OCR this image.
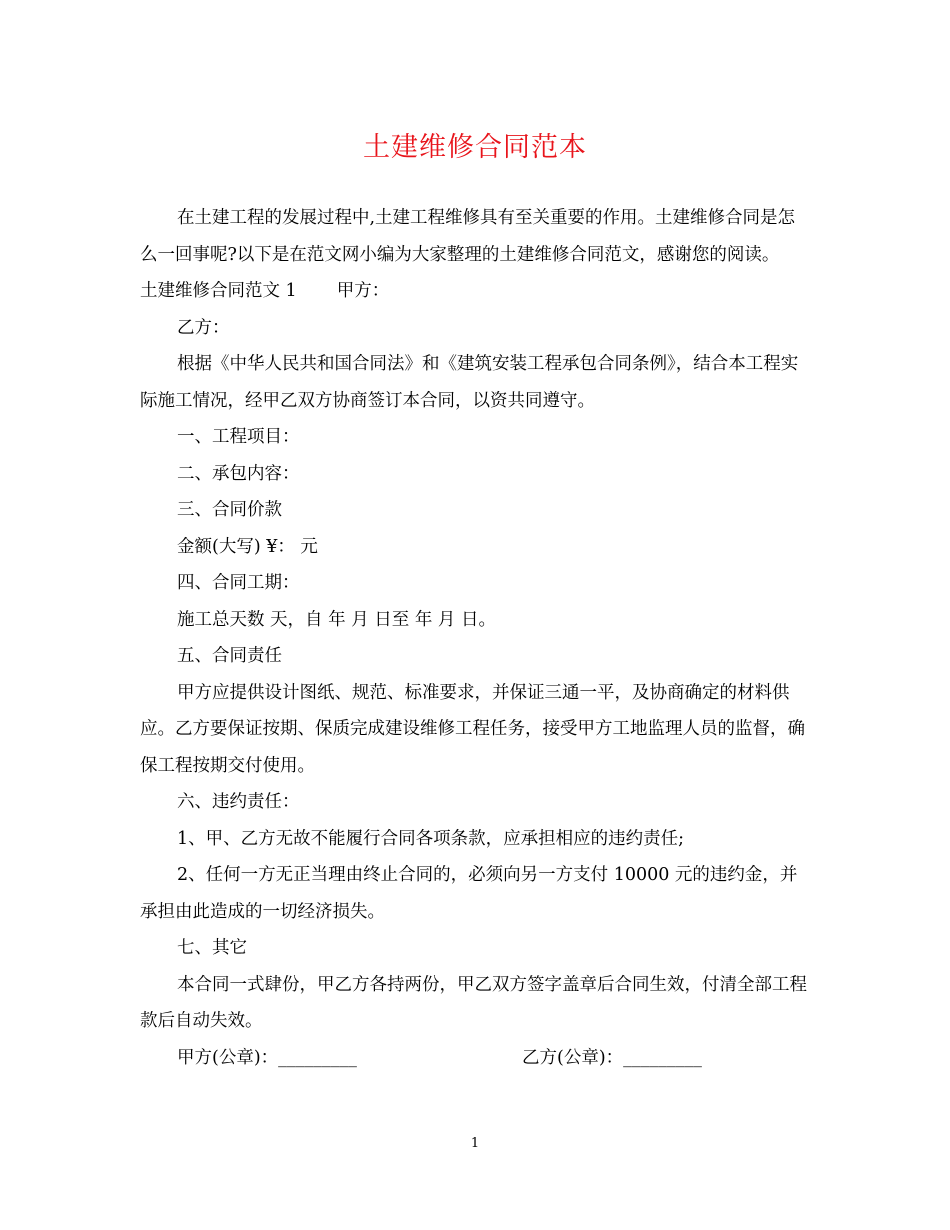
土建维修合同范本

在土建工程的发展过程中,土建工程维修具有至关重要的作用。土建维修合同是怎么一回事呢?以下是在范文网小编为大家整理的土建维修合同范文，感谢您的阅读。

土建维修合同范文 1 甲方：

乙方：

根据《中华人民共和国合同法》和《建筑安装工程承包合同条例》，结合本工程实际施工情况，经甲乙双方协商签订本合同，以资共同遵守。

一、工程项目：

二、承包内容：

三、合同价款

金额(大写) ¥： 元

四、合同工期：

施工总天数 天，自 年 月 日至 年 月 日。

五、合同责任

甲方应提供设计图纸、规范、标准要求，并保证三通一平，及协商确定的材料供应。乙方要保证按期、保质完成建设维修工程任务，接受甲方工地监理人员的监督，确保工程按期交付使用。

六、违约责任：

1、甲、乙方无故不能履行合同各项条款，应承担相应的违约责任;

2、任何一方无正当理由终止合同的，必须向另一方支付 10000 元的违约金，并承担由此造成的一切经济损失。

七、其它

本合同一式肆份，甲乙方各持两份，甲乙双方签字盖章后合同生效，付清全部工程款后自动失效。

甲方(公章)：_________	乙方(公章)：_________
1
